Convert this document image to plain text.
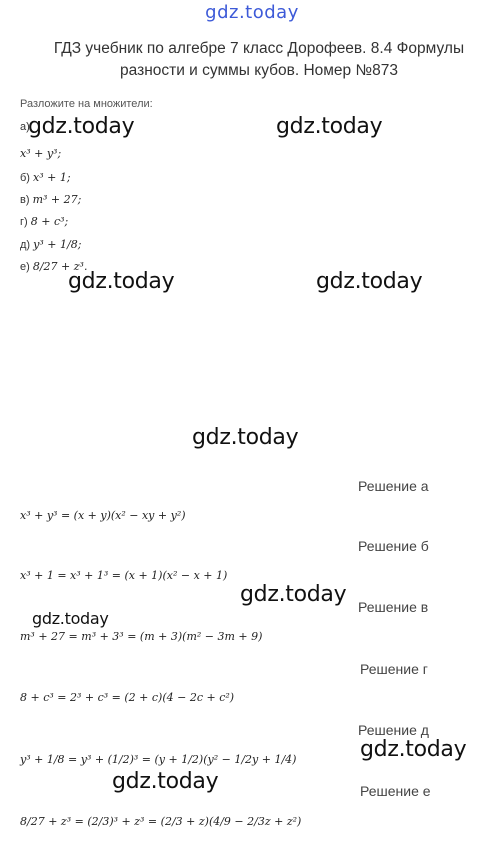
gdz.today
ГДЗ учебник по алгебре 7 класс Дорофеев. 8.4 Формулы разности и суммы кубов. Номер №873
Разложите на множители:
а)
x³ + y³;
б) x³ + 1;
в) m³ + 27;
г) 8 + c³;
д) y³ + 1/8;
е) 8/27 + z³.
gdz.today	gdz.today
gdz.today	gdz.today
gdz.today
gdz.today
gdz.today
gdz.today
gdz.today
Решение а
x³ + y³ = (x + y)(x² − xy + y²)
Решение б
x³ + 1 = x³ + 1³ = (x + 1)(x² − x + 1)
Решение в
m³ + 27 = m³ + 3³ = (m + 3)(m² − 3m + 9)
Решение г
8 + c³ = 2³ + c³ = (2 + c)(4 − 2c + c²)
Решение д
y³ + 1/8 = y³ + (1/2)³ = (y + 1/2)(y² − 1/2y + 1/4)
Решение е
8/27 + z³ = (2/3)³ + z³ = (2/3 + z)(4/9 − 2/3z + z²)
